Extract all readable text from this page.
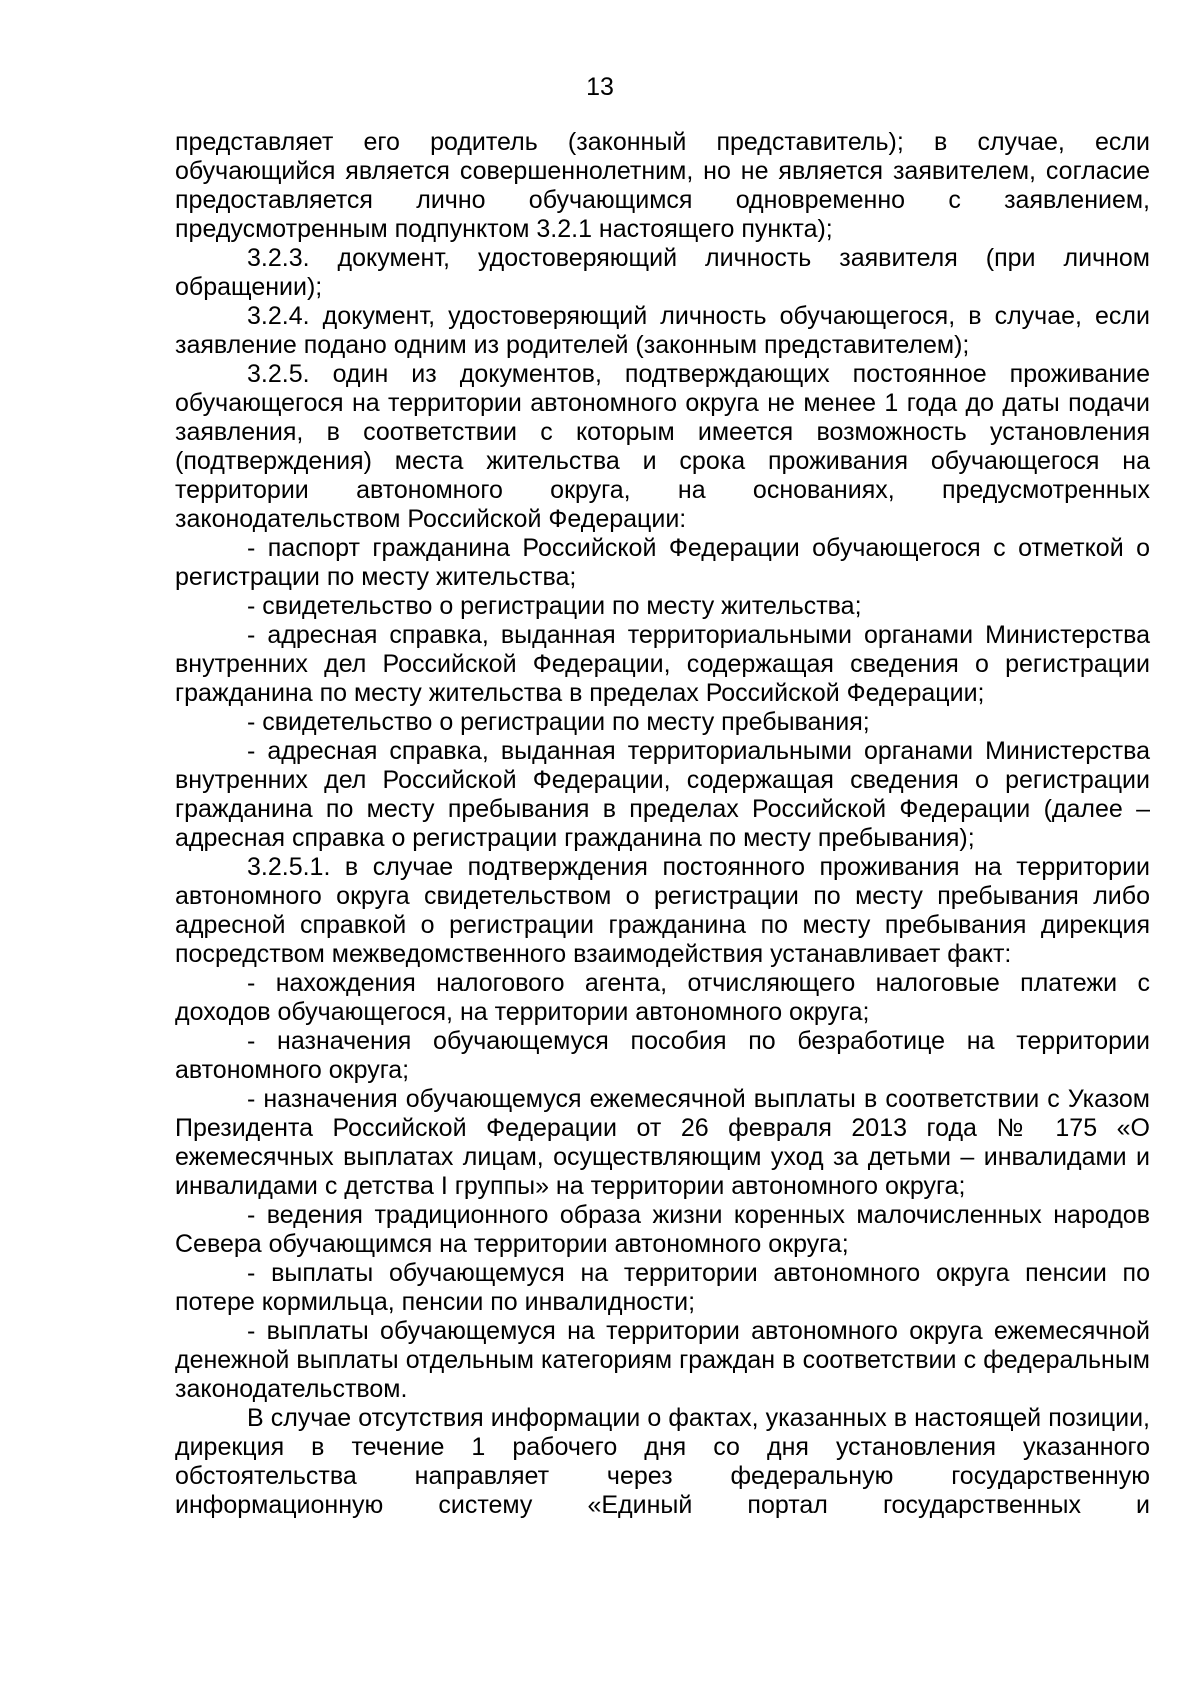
13

представляет его родитель (законный представитель); в случае, если обучающийся является совершеннолетним, но не является заявителем, согласие предоставляется лично обучающимся одновременно с заявлением, предусмотренным подпунктом 3.2.1 настоящего пункта);

3.2.3. документ, удостоверяющий личность заявителя (при личном обращении);

3.2.4. документ, удостоверяющий личность обучающегося, в случае, если заявление подано одним из родителей (законным представителем);

3.2.5. один из документов, подтверждающих постоянное проживание обучающегося на территории автономного округа не менее 1 года до даты подачи заявления, в соответствии с которым имеется возможность установления (подтверждения) места жительства и срока проживания обучающегося на территории автономного округа, на основаниях, предусмотренных законодательством Российской Федерации:

- паспорт гражданина Российской Федерации обучающегося с отметкой о регистрации по месту жительства;

- свидетельство о регистрации по месту жительства;

- адресная справка, выданная территориальными органами Министерства внутренних дел Российской Федерации, содержащая сведения о регистрации гражданина по месту жительства в пределах Российской Федерации;

- свидетельство о регистрации по месту пребывания;

- адресная справка, выданная территориальными органами Министерства внутренних дел Российской Федерации, содержащая сведения о регистрации гражданина по месту пребывания в пределах Российской Федерации (далее – адресная справка о регистрации гражданина по месту пребывания);

3.2.5.1. в случае подтверждения постоянного проживания на территории автономного округа свидетельством о регистрации по месту пребывания либо адресной справкой о регистрации гражданина по месту пребывания дирекция посредством межведомственного взаимодействия устанавливает факт:

- нахождения налогового агента, отчисляющего налоговые платежи с доходов обучающегося, на территории автономного округа;

- назначения обучающемуся пособия по безработице на территории автономного округа;

- назначения обучающемуся ежемесячной выплаты в соответствии с Указом Президента Российской Федерации от 26 февраля 2013 года № 175 «О ежемесячных выплатах лицам, осуществляющим уход за детьми – инвалидами и инвалидами с детства I группы» на территории автономного округа;

- ведения традиционного образа жизни коренных малочисленных народов Севера обучающимся на территории автономного округа;

- выплаты обучающемуся на территории автономного округа пенсии по потере кормильца, пенсии по инвалидности;

- выплаты обучающемуся на территории автономного округа ежемесячной денежной выплаты отдельным категориям граждан в соответствии с федеральным законодательством.

В случае отсутствия информации о фактах, указанных в настоящей позиции, дирекция в течение 1 рабочего дня со дня установления указанного обстоятельства направляет через федеральную государственную информационную систему «Единый портал государственных и
